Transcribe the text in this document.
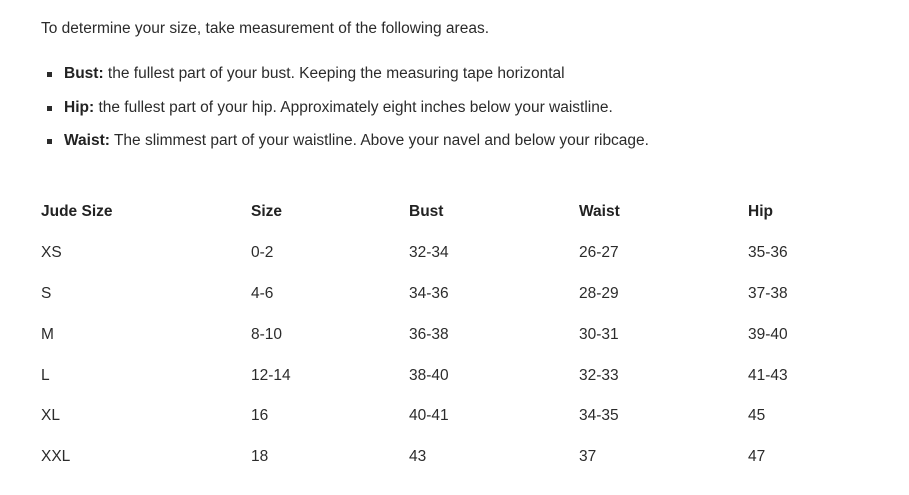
To determine your size, take measurement of the following areas.

Bust: the fullest part of your bust. Keeping the measuring tape horizontal
Hip: the fullest part of your hip. Approximately eight inches below your waistline.
Waist: The slimmest part of your waistline. Above your navel and below your ribcage.
Jude Size	Size	Bust	Waist	Hip
XS	0-2	32-34	26-27	35-36
S	4-6	34-36	28-29	37-38
M	8-10	36-38	30-31	39-40
L	12-14	38-40	32-33	41-43
XL	16	40-41	34-35	45
XXL	18	43	37	47
